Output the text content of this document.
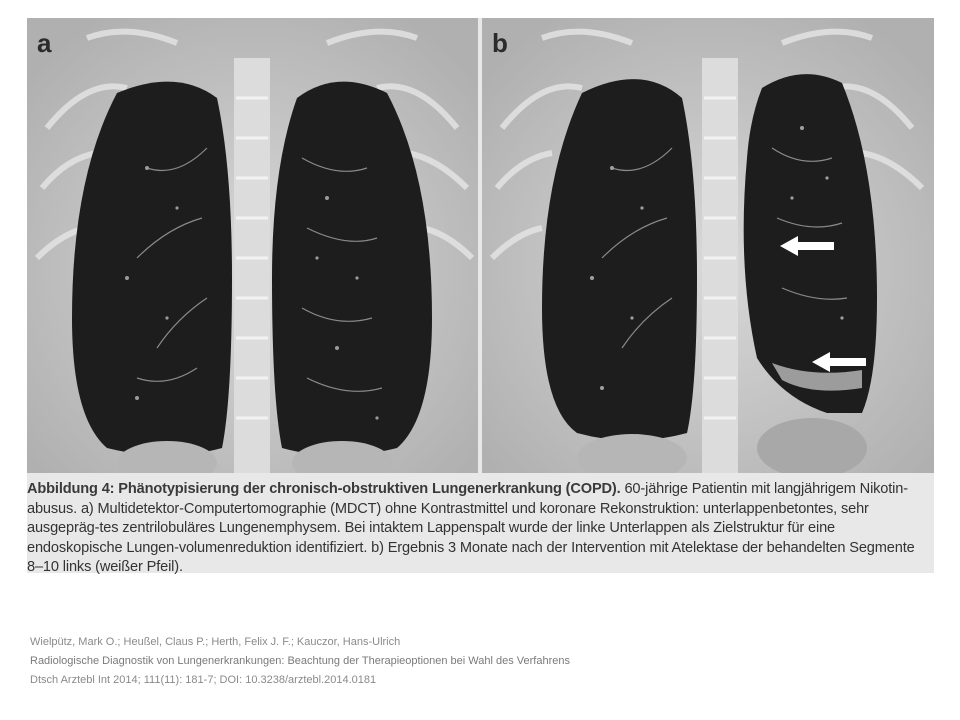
a	b
Abbildung 4: Phänotypisierung der chronisch-obstruktiven Lungenerkrankung (COPD). 60-jährige Patientin mit langjährigem Nikotin-abusus. a) Multidetektor-Computertomographie (MDCT) ohne Kontrastmittel und koronare Rekonstruktion: unterlappenbetontes, sehr ausgepräg-tes zentrilobuläres Lungenemphysem. Bei intaktem Lappenspalt wurde der linke Unterlappen als Zielstruktur für eine endoskopische Lungen-volumenreduktion identifiziert. b) Ergebnis 3 Monate nach der Intervention mit Atelektase der behandelten Segmente 8–10 links (weißer Pfeil).
Wielpütz, Mark O.; Heußel, Claus P.; Herth, Felix J. F.; Kauczor, Hans-Ulrich
Radiologische Diagnostik von Lungenerkrankungen: Beachtung der Therapieoptionen bei Wahl des Verfahrens
Dtsch Arztebl Int 2014; 111(11): 181-7; DOI: 10.3238/arztebl.2014.0181
